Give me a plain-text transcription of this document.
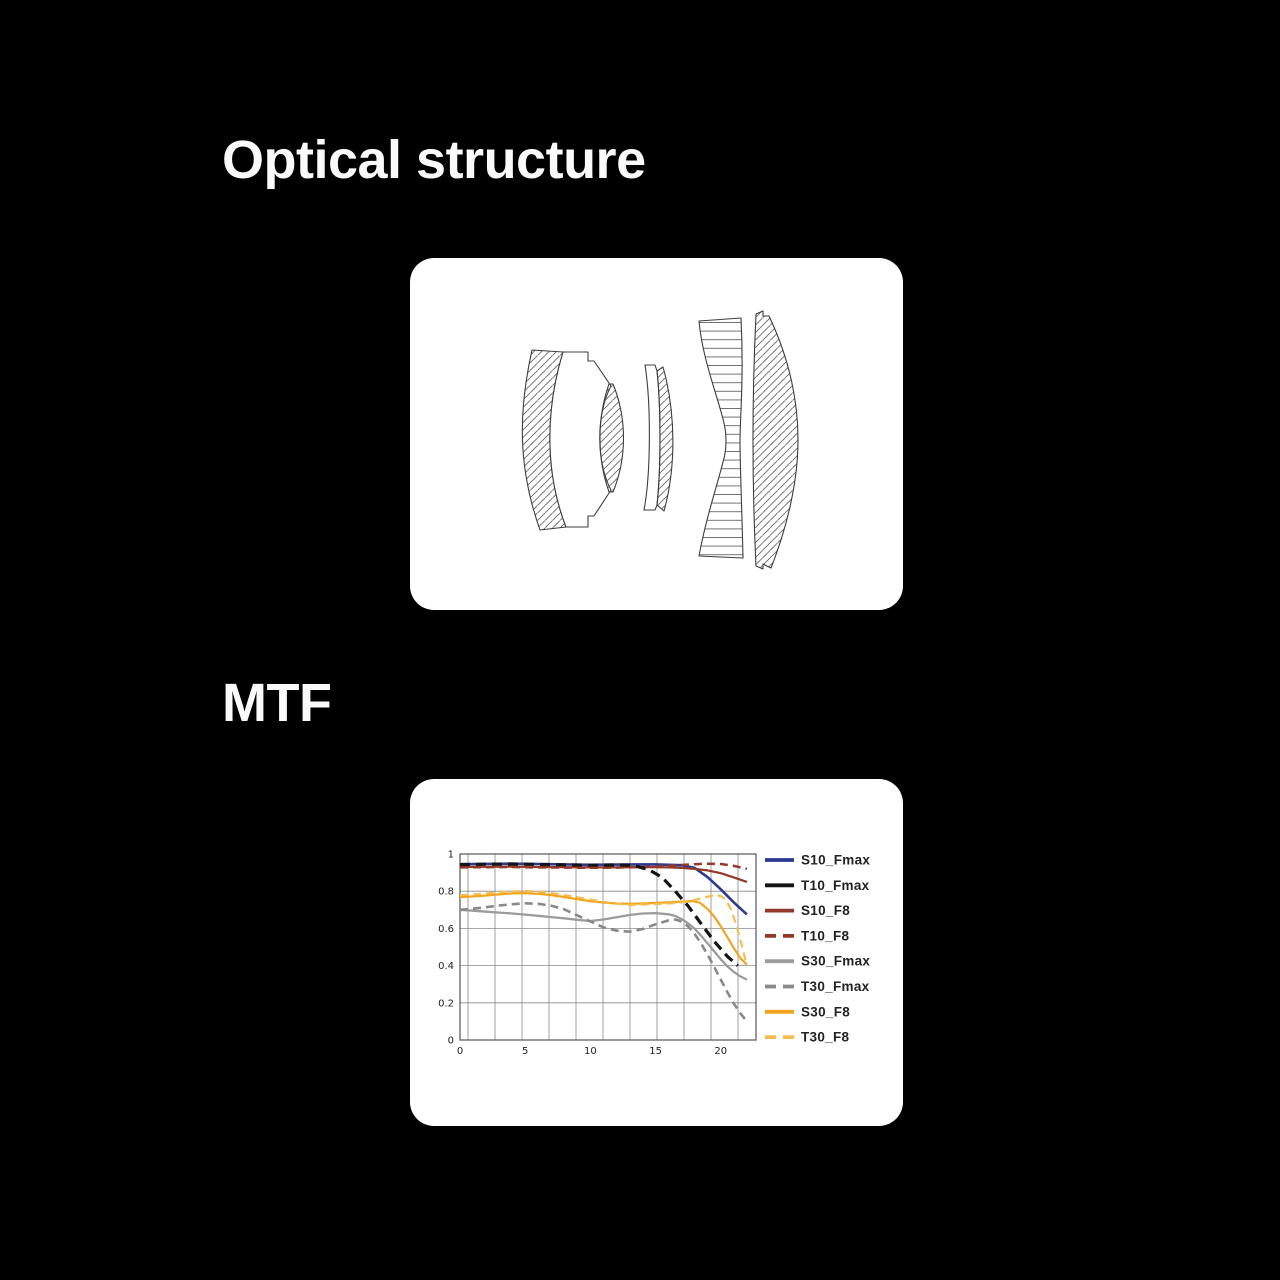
Optical structure
MTF
1
0.8
0.6
0.4
0.2
0
0	5	10	15	20
S10_Fmax
T10_Fmax
S10_F8
T10_F8
S30_Fmax
T30_Fmax
S30_F8
T30_F8
